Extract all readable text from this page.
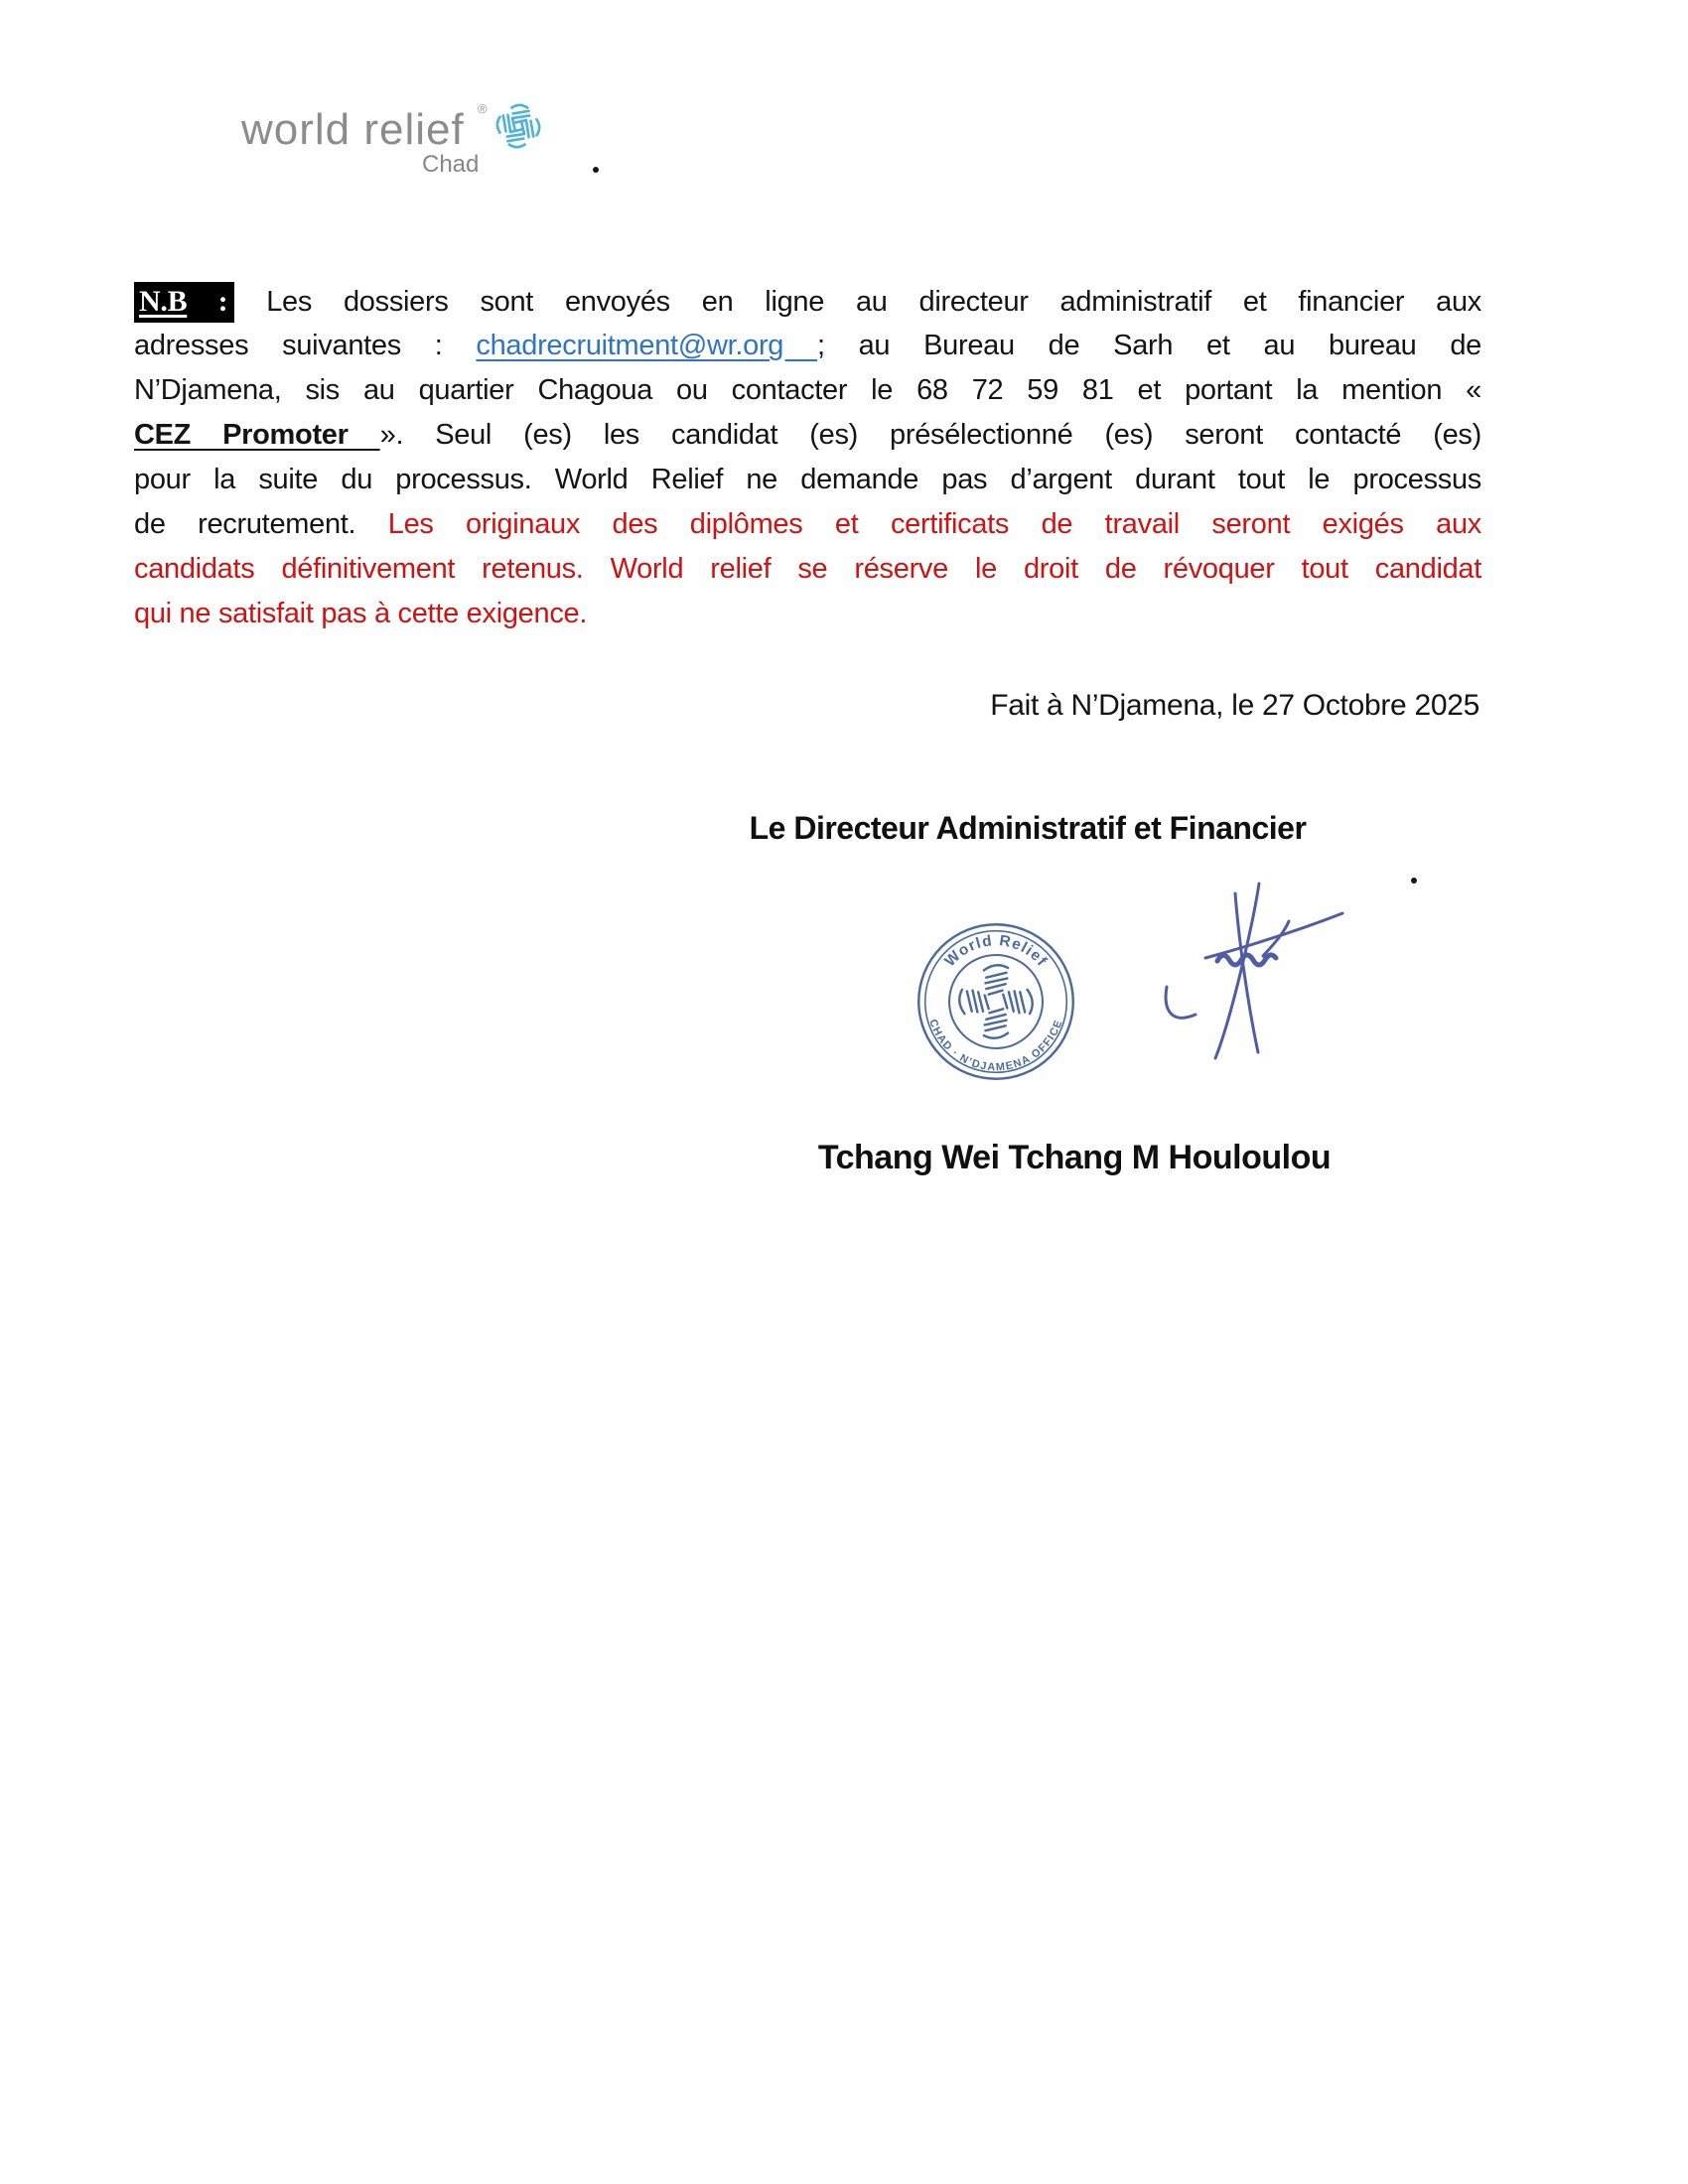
world relief ®
Chad
N.B : Les dossiers sont envoyés en ligne au directeur administratif et financier aux
adresses suivantes : chadrecruitment@wr.org ; au Bureau de Sarh et au bureau de
N’Djamena, sis au quartier Chagoua ou contacter le 68 72 59 81 et portant la mention «
CEZ Promoter ». Seul (es) les candidat (es) présélectionné (es) seront contacté (es)
pour la suite du processus. World Relief ne demande pas d’argent durant tout le processus
de recrutement. Les originaux des diplômes et certificats de travail seront exigés aux
candidats définitivement retenus. World relief se réserve le droit de révoquer tout candidat
qui ne satisfait pas à cette exigence.
Fait à N’Djamena, le 27 Octobre 2025
Le Directeur Administratif et Financier
World Relief
CHAD · N’DJAMENA OFFICE
Tchang Wei Tchang M Houloulou
